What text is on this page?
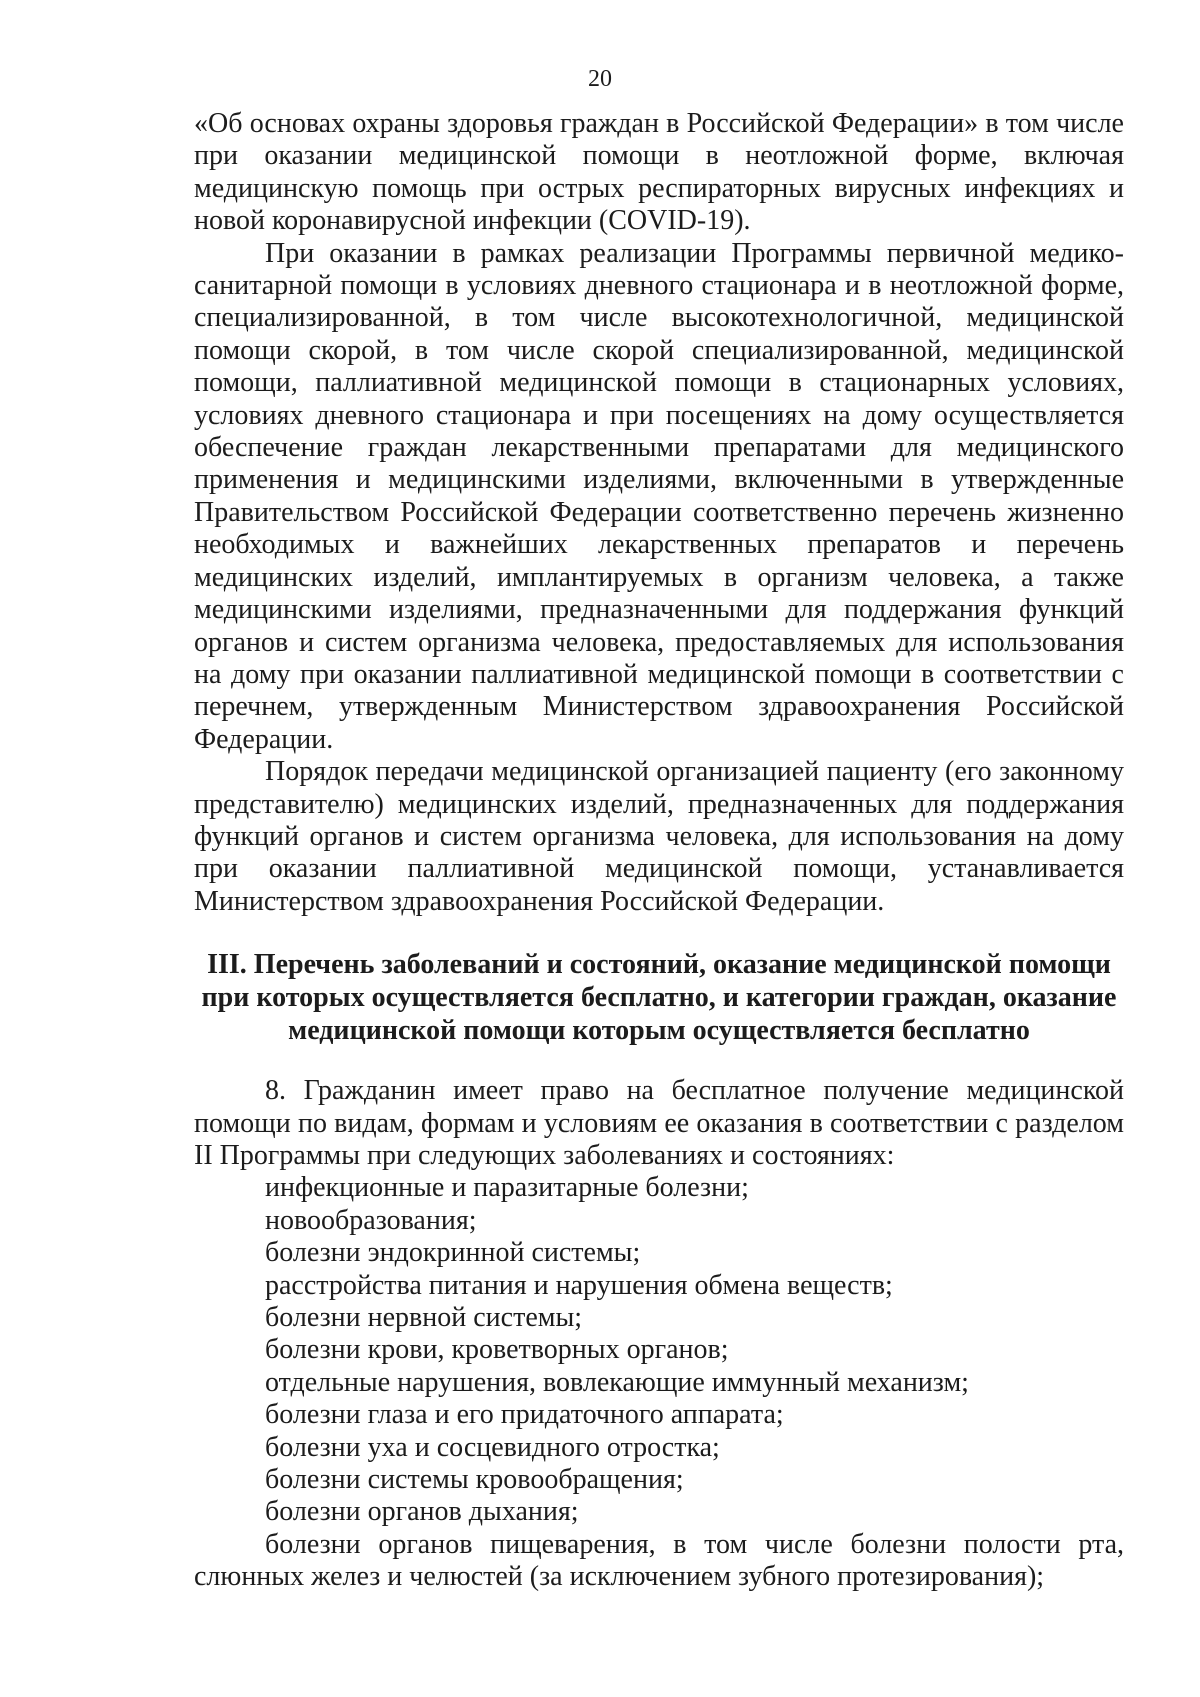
20

«Об основах охраны здоровья граждан в Российской Федерации» в том числе при оказании медицинской помощи в неотложной форме, включая медицинскую помощь при острых респираторных вирусных инфекциях и новой коронавирусной инфекции (COVID-19).

При оказании в рамках реализации Программы первичной медико-санитарной помощи в условиях дневного стационара и в неотложной форме, специализированной, в том числе высокотехнологичной, медицинской помощи скорой, в том числе скорой специализированной, медицинской помощи, паллиативной медицинской помощи в стационарных условиях, условиях дневного стационара и при посещениях на дому осуществляется обеспечение граждан лекарственными препаратами для медицинского применения и медицинскими изделиями, включенными в утвержденные Правительством Российской Федерации соответственно перечень жизненно необходимых и важнейших лекарственных препаратов и перечень медицинских изделий, имплантируемых в организм человека, а также медицинскими изделиями, предназначенными для поддержания функций органов и систем организма человека, предоставляемых для использования на дому при оказании паллиативной медицинской помощи в соответствии с перечнем, утвержденным Министерством здравоохранения Российской Федерации.

Порядок передачи медицинской организацией пациенту (его законному представителю) медицинских изделий, предназначенных для поддержания функций органов и систем организма человека, для использования на дому при оказании паллиативной медицинской помощи, устанавливается Министерством здравоохранения Российской Федерации.

III. Перечень заболеваний и состояний, оказание медицинской помощи
при которых осуществляется бесплатно, и категории граждан, оказание
медицинской помощи которым осуществляется бесплатно

8. Гражданин имеет право на бесплатное получение медицинской помощи по видам, формам и условиям ее оказания в соответствии с разделом II Программы при следующих заболеваниях и состояниях:

инфекционные и паразитарные болезни;

новообразования;

болезни эндокринной системы;

расстройства питания и нарушения обмена веществ;

болезни нервной системы;

болезни крови, кроветворных органов;

отдельные нарушения, вовлекающие иммунный механизм;

болезни глаза и его придаточного аппарата;

болезни уха и сосцевидного отростка;

болезни системы кровообращения;

болезни органов дыхания;

болезни органов пищеварения, в том числе болезни полости рта, слюнных желез и челюстей (за исключением зубного протезирования);
